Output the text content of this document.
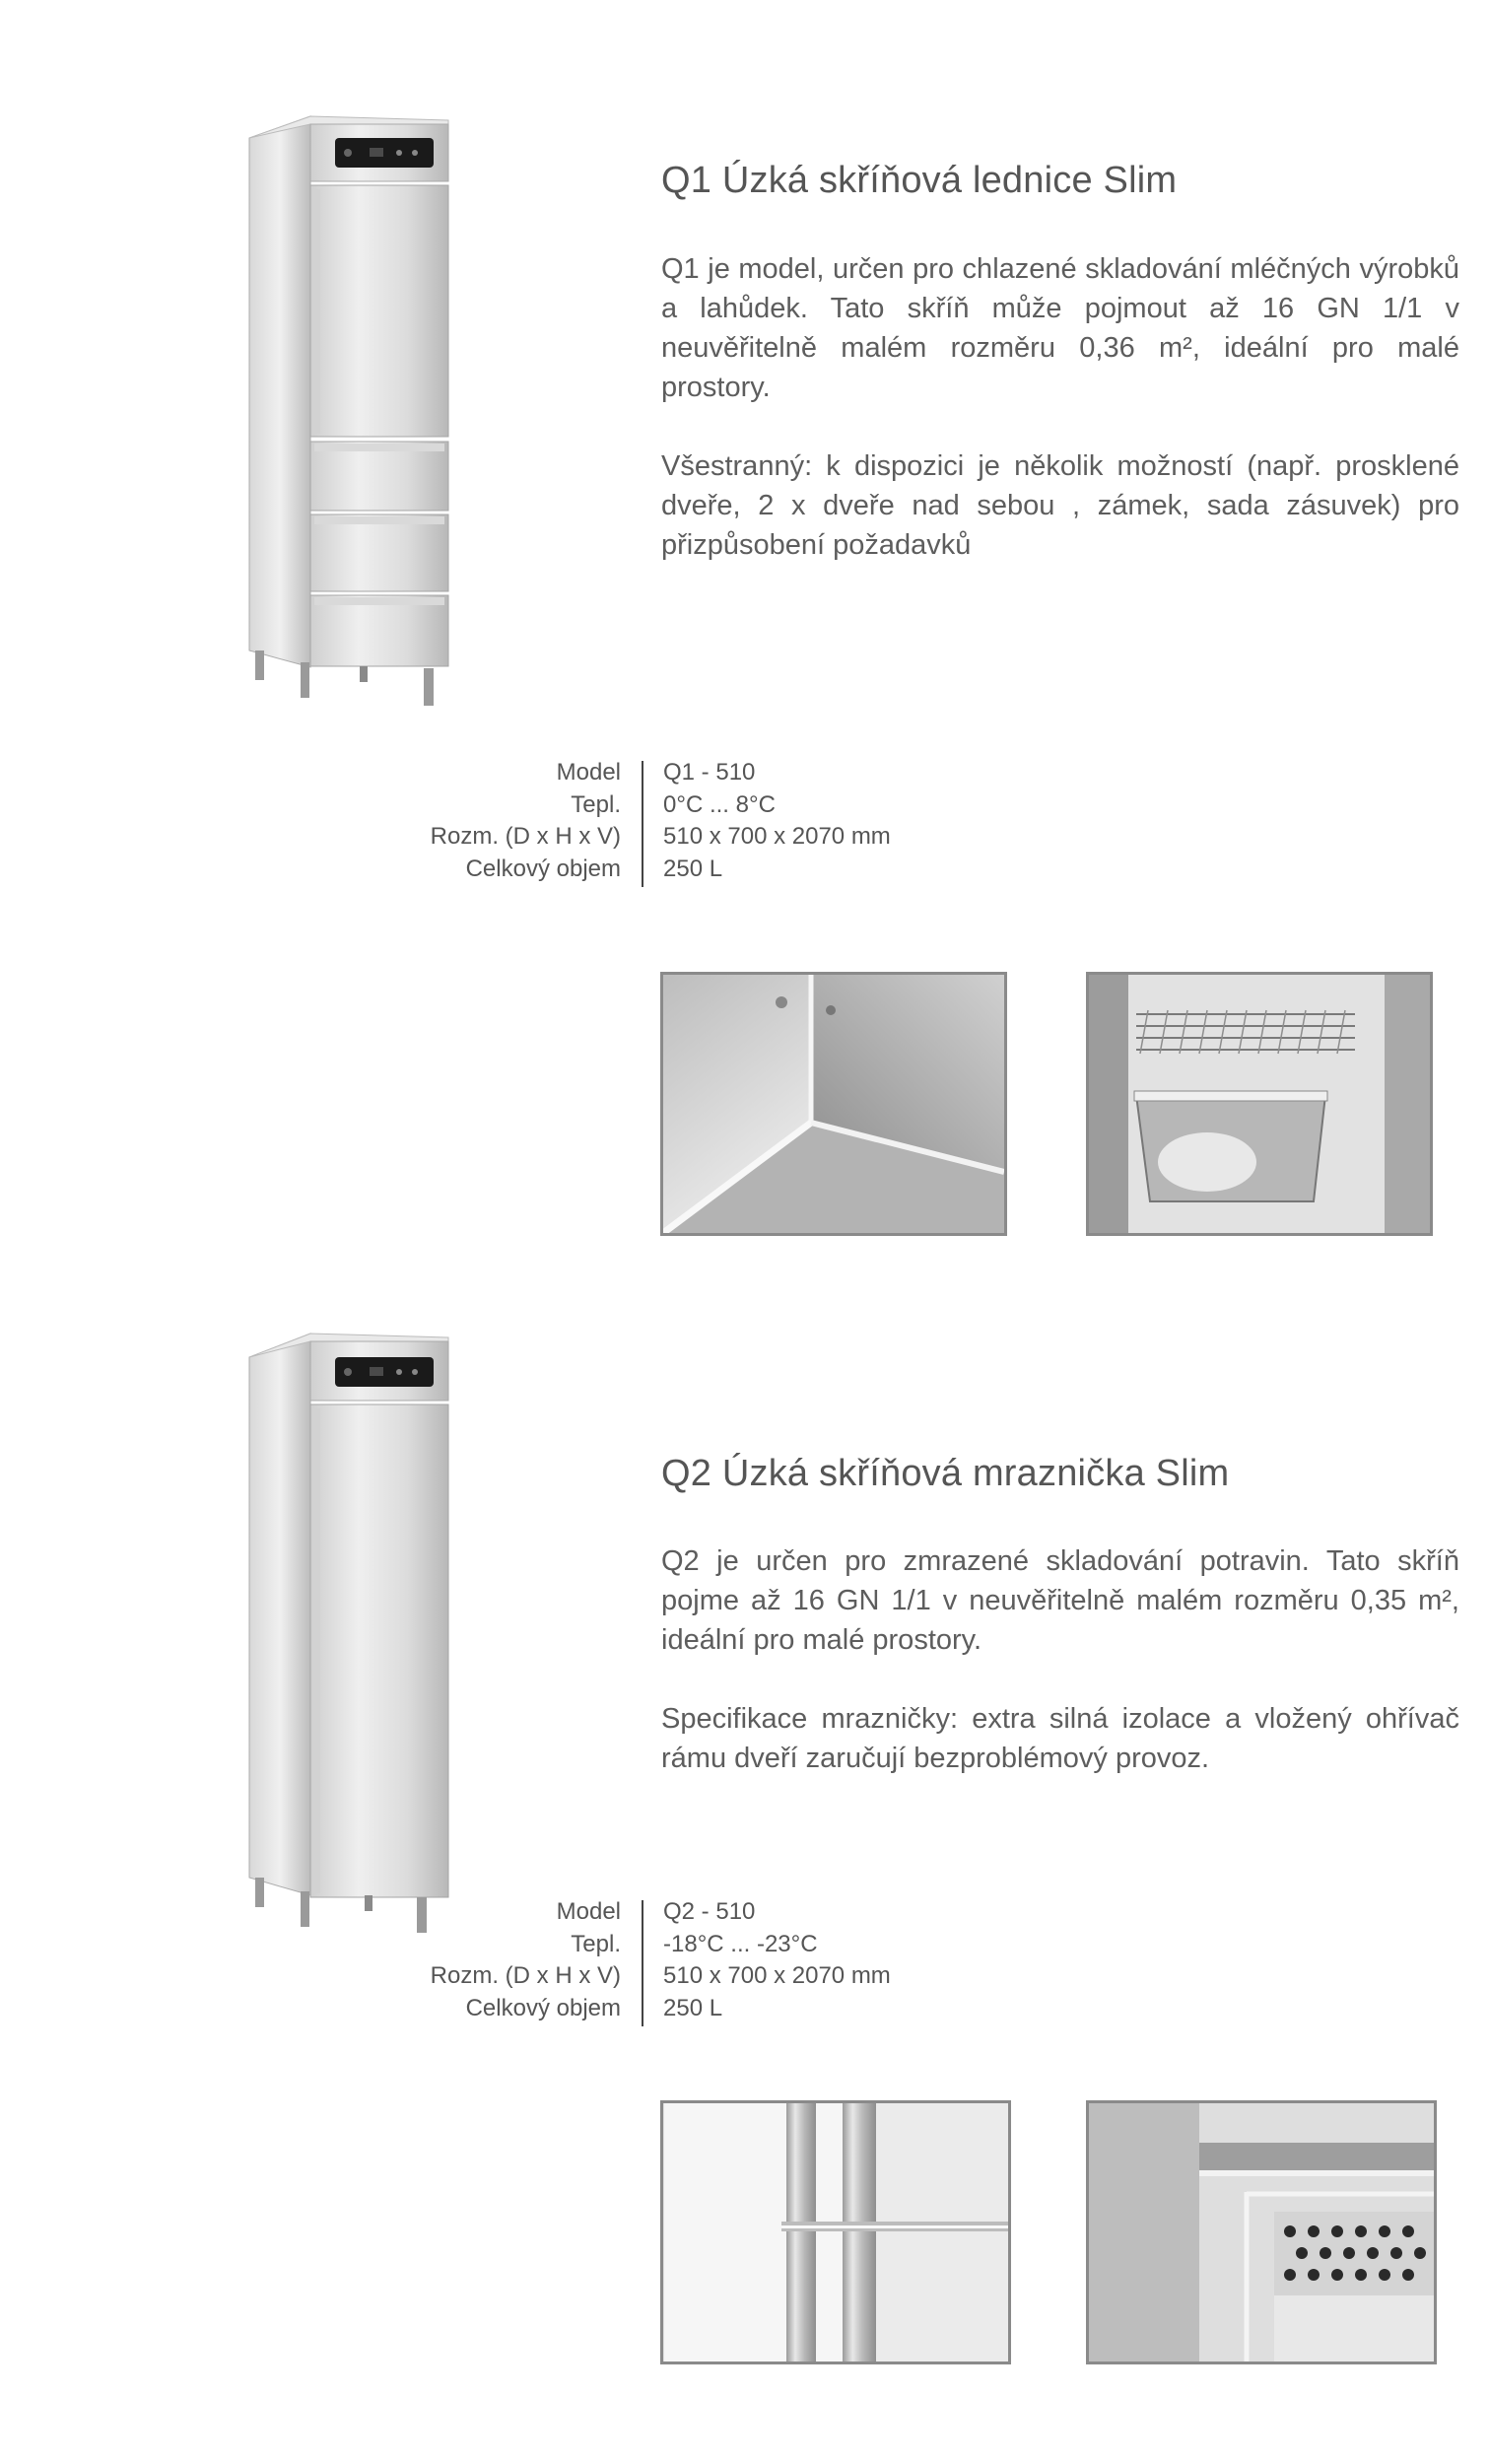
Q1 Úzká skříňová lednice Slim

Q1 je model, určen pro chlazené skladování mléčných výrobků a lahůdek. Tato skříň může pojmout až 16 GN 1/1 v neuvěřitelně malém rozměru 0,36 m², ideální pro malé prostory.

Všestranný: k dispozici je několik možností (např. prosklené dveře, 2 x dveře nad sebou , zámek, sada zásuvek) pro přizpůsobení požadavků

Model
Tepl.
Rozm. (D x H x V)
Celkový objem
Q1 - 510
0°C ... 8°C
510 x 700 x 2070 mm
250 L
Q2 Úzká skříňová mraznička Slim

Q2 je určen pro zmrazené skladování potravin. Tato skříň pojme až 16 GN 1/1 v neuvěřitelně malém rozměru 0,35 m², ideální pro malé prostory.

Specifikace mrazničky: extra silná izolace a vložený ohřívač rámu dveří zaručují bezproblémový provoz.

Model
Tepl.
Rozm. (D x H x V)
Celkový objem
Q2 - 510
-18°C ... -23°C
510 x 700 x 2070 mm
250 L
